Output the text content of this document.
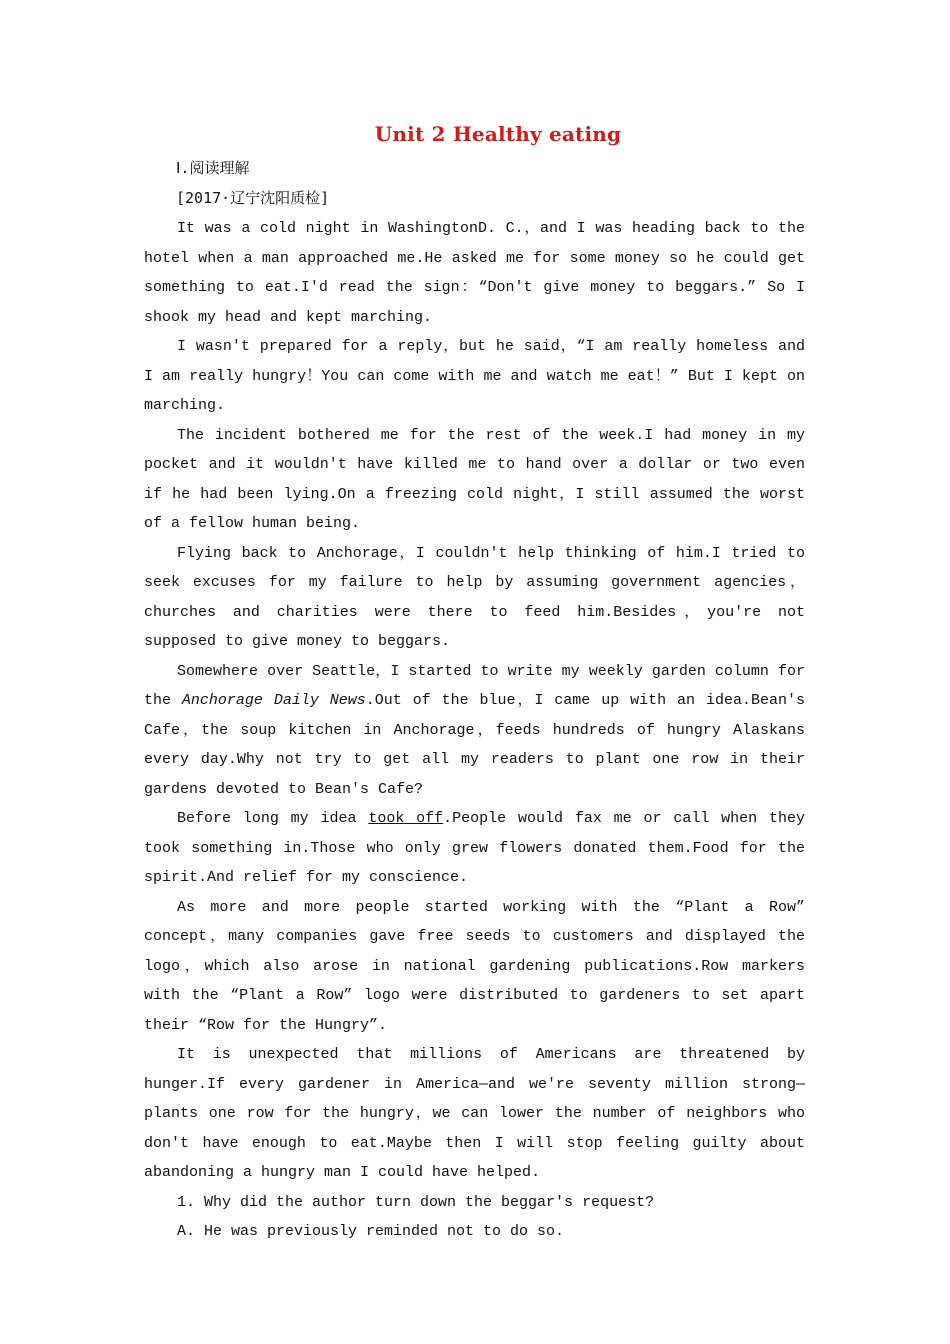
Unit 2 Healthy eating
Ⅰ.阅读理解
[2017·辽宁沈阳质检]

It was a cold night in WashingtonD. C.，and I was heading back to the hotel when a man approached me.He asked me for some money so he could get something to eat.I'd read the sign：“Don't give money to beggars.” So I shook my head and kept marching.

I wasn't prepared for a reply，but he said，“I am really homeless and I am really hungry！You can come with me and watch me eat！” But I kept on marching.

The incident bothered me for the rest of the week.I had money in my pocket and it wouldn't have killed me to hand over a dollar or two even if he had been lying.On a freezing cold night，I still assumed the worst of a fellow human being.

Flying back to Anchorage，I couldn't help thinking of him.I tried to seek excuses for my failure to help by assuming government agencies，churches and charities were there to feed him.Besides，you're not supposed to give money to beggars.

Somewhere over Seattle，I started to write my weekly garden column for the Anchorage Daily News.Out of the blue，I came up with an idea.Bean's Cafe，the soup kitchen in Anchorage，feeds hundreds of hungry Alaskans every day.Why not try to get all my readers to plant one row in their gardens devoted to Bean's Cafe?

Before long my idea took off.People would fax me or call when they took something in.Those who only grew flowers donated them.Food for the spirit.And relief for my conscience.

As more and more people started working with the “Plant a Row” concept，many companies gave free seeds to customers and displayed the logo，which also arose in national gardening publications.Row markers with the “Plant a Row” logo were distributed to gardeners to set apart their “Row for the Hungry”.

It is unexpected that millions of Americans are threatened by hunger.If every gardener in America—and we're seventy million strong—plants one row for the hungry，we can lower the number of neighbors who don't have enough to eat.Maybe then I will stop feeling guilty about abandoning a hungry man I could have helped.

1. Why did the author turn down the beggar's request?

A. He was previously reminded not to do so.
